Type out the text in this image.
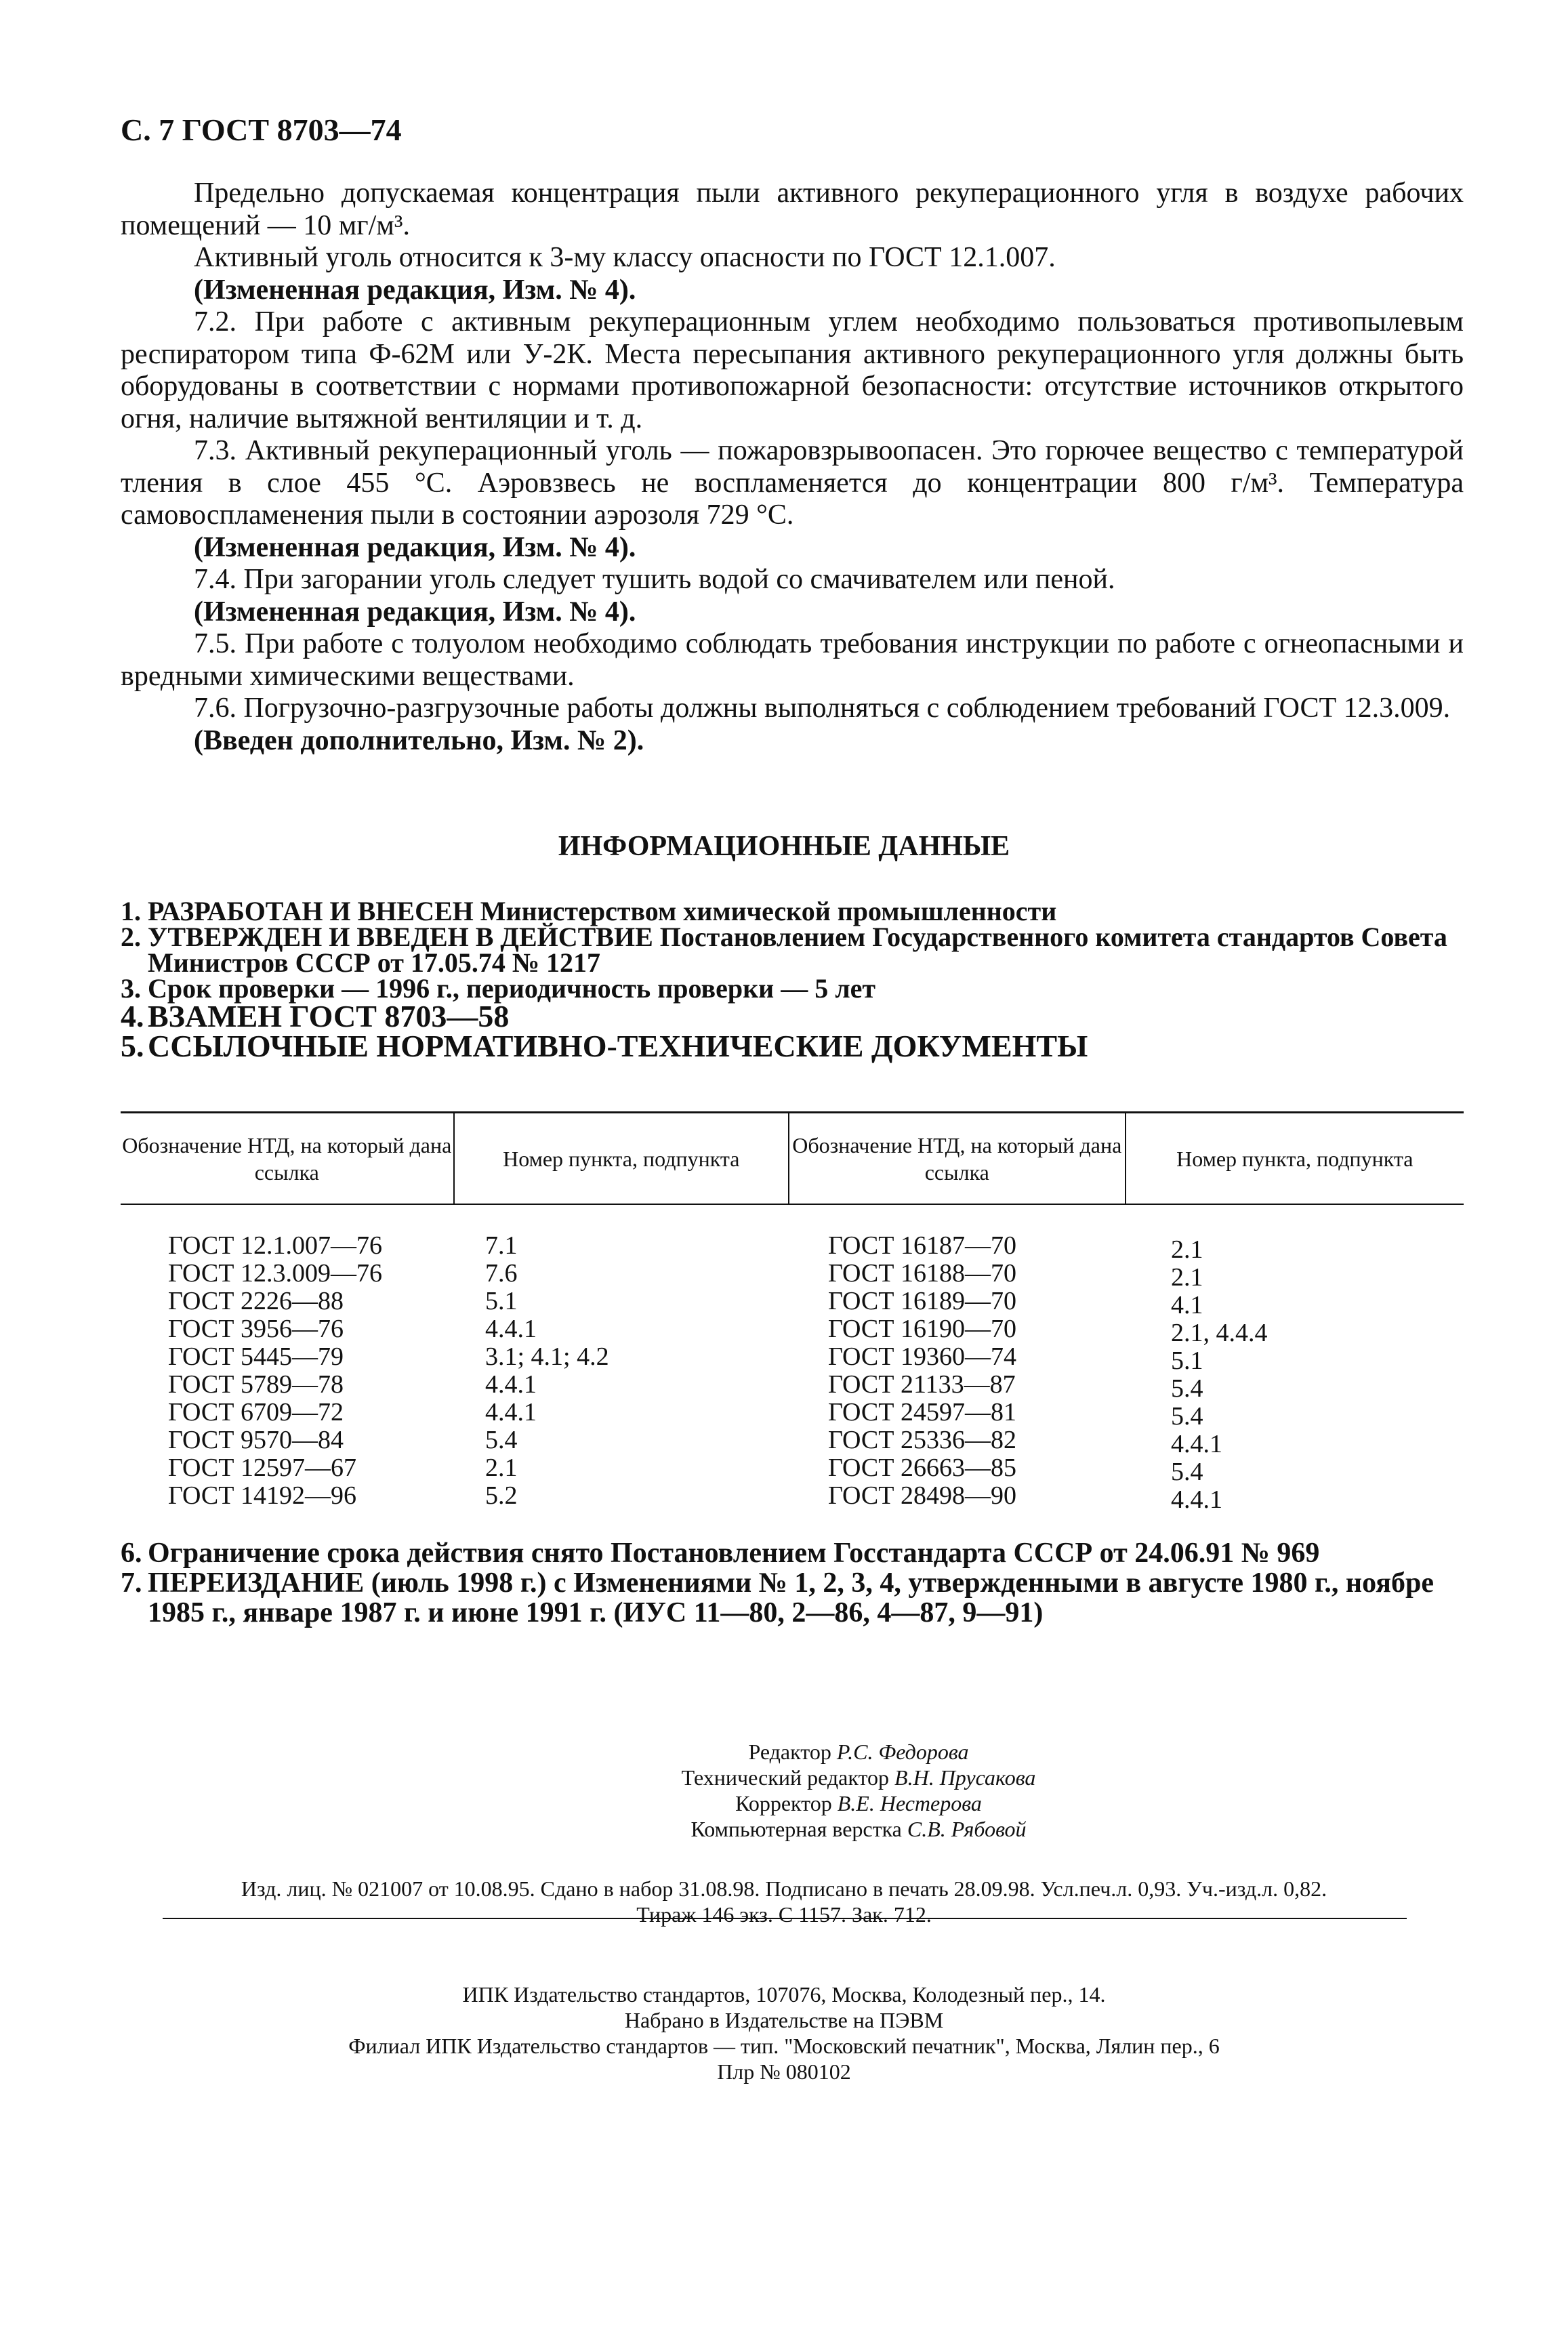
С. 7 ГОСТ 8703—74

Предельно допускаемая концентрация пыли активного рекуперационного угля в воздухе рабочих помещений — 10 мг/м³.

Активный уголь относится к 3-му классу опасности по ГОСТ 12.1.007.

(Измененная редакция, Изм. № 4).

7.2. При работе с активным рекуперационным углем необходимо пользоваться противопылевым респиратором типа Ф-62М или У-2К. Места пересыпания активного рекуперационного угля должны быть оборудованы в соответствии с нормами противопожарной безопасности: отсутствие источников открытого огня, наличие вытяжной вентиляции и т. д.

7.3. Активный рекуперационный уголь — пожаровзрывоопасен. Это горючее вещество с температурой тления в слое 455 °С. Аэровзвесь не воспламеняется до концентрации 800 г/м³. Температура самовоспламенения пыли в состоянии аэрозоля 729 °С.

(Измененная редакция, Изм. № 4).

7.4. При загорании уголь следует тушить водой со смачивателем или пеной.

(Измененная редакция, Изм. № 4).

7.5. При работе с толуолом необходимо соблюдать требования инструкции по работе с огнеопасными и вредными химическими веществами.

7.6. Погрузочно-разгрузочные работы должны выполняться с соблюдением требований ГОСТ 12.3.009.

(Введен дополнительно, Изм. № 2).

ИНФОРМАЦИОННЫЕ ДАННЫЕ
1. РАЗРАБОТАН И ВНЕСЕН Министерством химической промышленности
2. УТВЕРЖДЕН И ВВЕДЕН В ДЕЙСТВИЕ Постановлением Государственного комитета стандартов Совета Министров СССР от 17.05.74 № 1217
3. Срок проверки — 1996 г., периодичность проверки — 5 лет
4. ВЗАМЕН ГОСТ 8703—58
5. ССЫЛОЧНЫЕ НОРМАТИВНО-ТЕХНИЧЕСКИЕ ДОКУМЕНТЫ
Обозначение НТД, на который дана ссылка
Номер пункта, подпункта
Обозначение НТД, на который дана ссылка
Номер пункта, подпункта
ГОСТ 12.1.007—76
ГОСТ 12.3.009—76
ГОСТ 2226—88
ГОСТ 3956—76
ГОСТ 5445—79
ГОСТ 5789—78
ГОСТ 6709—72
ГОСТ 9570—84
ГОСТ 12597—67
ГОСТ 14192—96
7.1
7.6
5.1
4.4.1
3.1; 4.1; 4.2
4.4.1
4.4.1
5.4
2.1
5.2
ГОСТ 16187—70
ГОСТ 16188—70
ГОСТ 16189—70
ГОСТ 16190—70
ГОСТ 19360—74
ГОСТ 21133—87
ГОСТ 24597—81
ГОСТ 25336—82
ГОСТ 26663—85
ГОСТ 28498—90
2.1
2.1
4.1
2.1, 4.4.4
5.1
5.4
5.4
4.4.1
5.4
4.4.1
6. Ограничение срока действия снято Постановлением Госстандарта СССР от 24.06.91 № 969
7. ПЕРЕИЗДАНИЕ (июль 1998 г.) с Изменениями № 1, 2, 3, 4, утвержденными в августе 1980 г., ноябре 1985 г., январе 1987 г. и июне 1991 г. (ИУС 11—80, 2—86, 4—87, 9—91)
Редактор Р.С. Федорова
Технический редактор В.Н. Прусакова
Корректор В.Е. Нестерова
Компьютерная верстка С.В. Рябовой
Изд. лиц. № 021007 от 10.08.95. Сдано в набор 31.08.98. Подписано в печать 28.09.98. Усл.печ.л. 0,93. Уч.-изд.л. 0,82.
Тираж 146 экз. С 1157. Зак. 712.
ИПК Издательство стандартов, 107076, Москва, Колодезный пер., 14.
Набрано в Издательстве на ПЭВМ
Филиал ИПК Издательство стандартов — тип. "Московский печатник", Москва, Лялин пер., 6
Плр № 080102
